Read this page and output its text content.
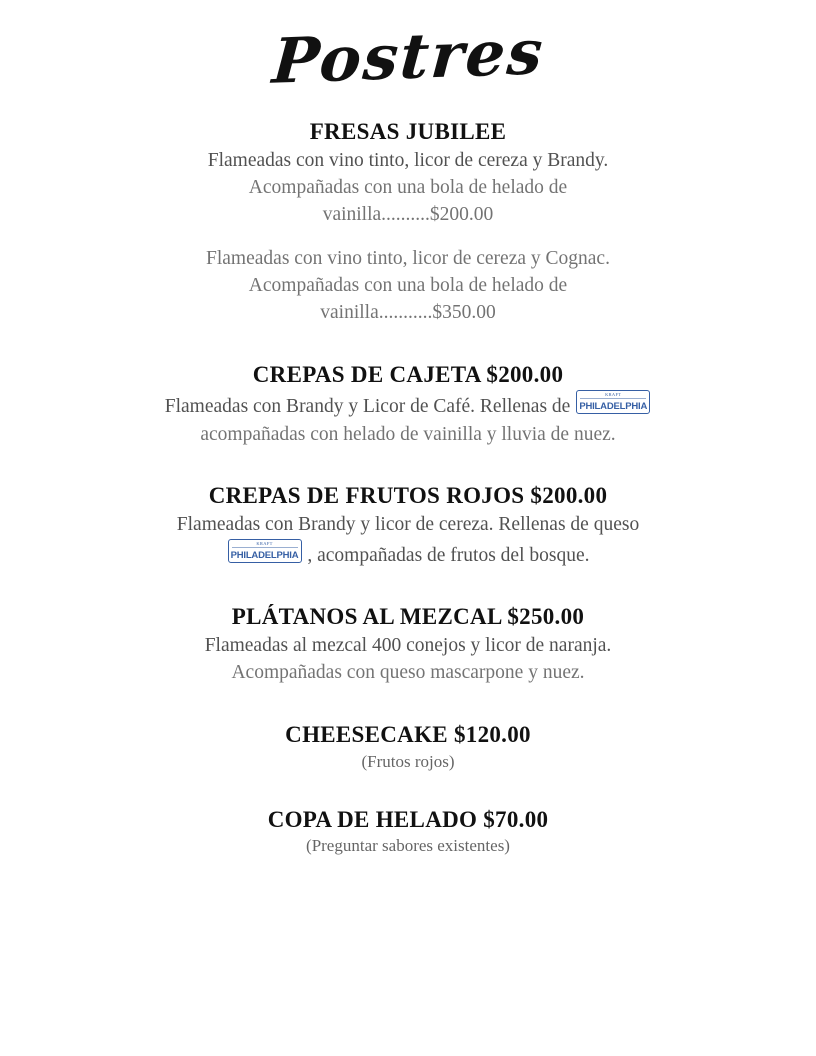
Postres
FRESAS JUBILEE
Flameadas con vino tinto, licor de cereza y Brandy.
Acompañadas con una bola de helado de
vainilla..........$200.00
Flameadas con vino tinto, licor de cereza y Cognac.
Acompañadas con una bola de helado de
vainilla...........$350.00
CREPAS DE CAJETA $200.00
Flameadas con Brandy y Licor de Café. Rellenas de
KRAFT
PHILADELPHIA
acompañadas con helado de vainilla y lluvia de nuez.
CREPAS DE FRUTOS ROJOS $200.00
Flameadas con Brandy y licor de cereza. Rellenas de queso
KRAFT
PHILADELPHIA , acompañadas de frutos del bosque.
PLÁTANOS AL MEZCAL $250.00
Flameadas al mezcal 400 conejos y licor de naranja.
Acompañadas con queso mascarpone y nuez.
CHEESECAKE $120.00
(Frutos rojos)
COPA DE HELADO $70.00
(Preguntar sabores existentes)
